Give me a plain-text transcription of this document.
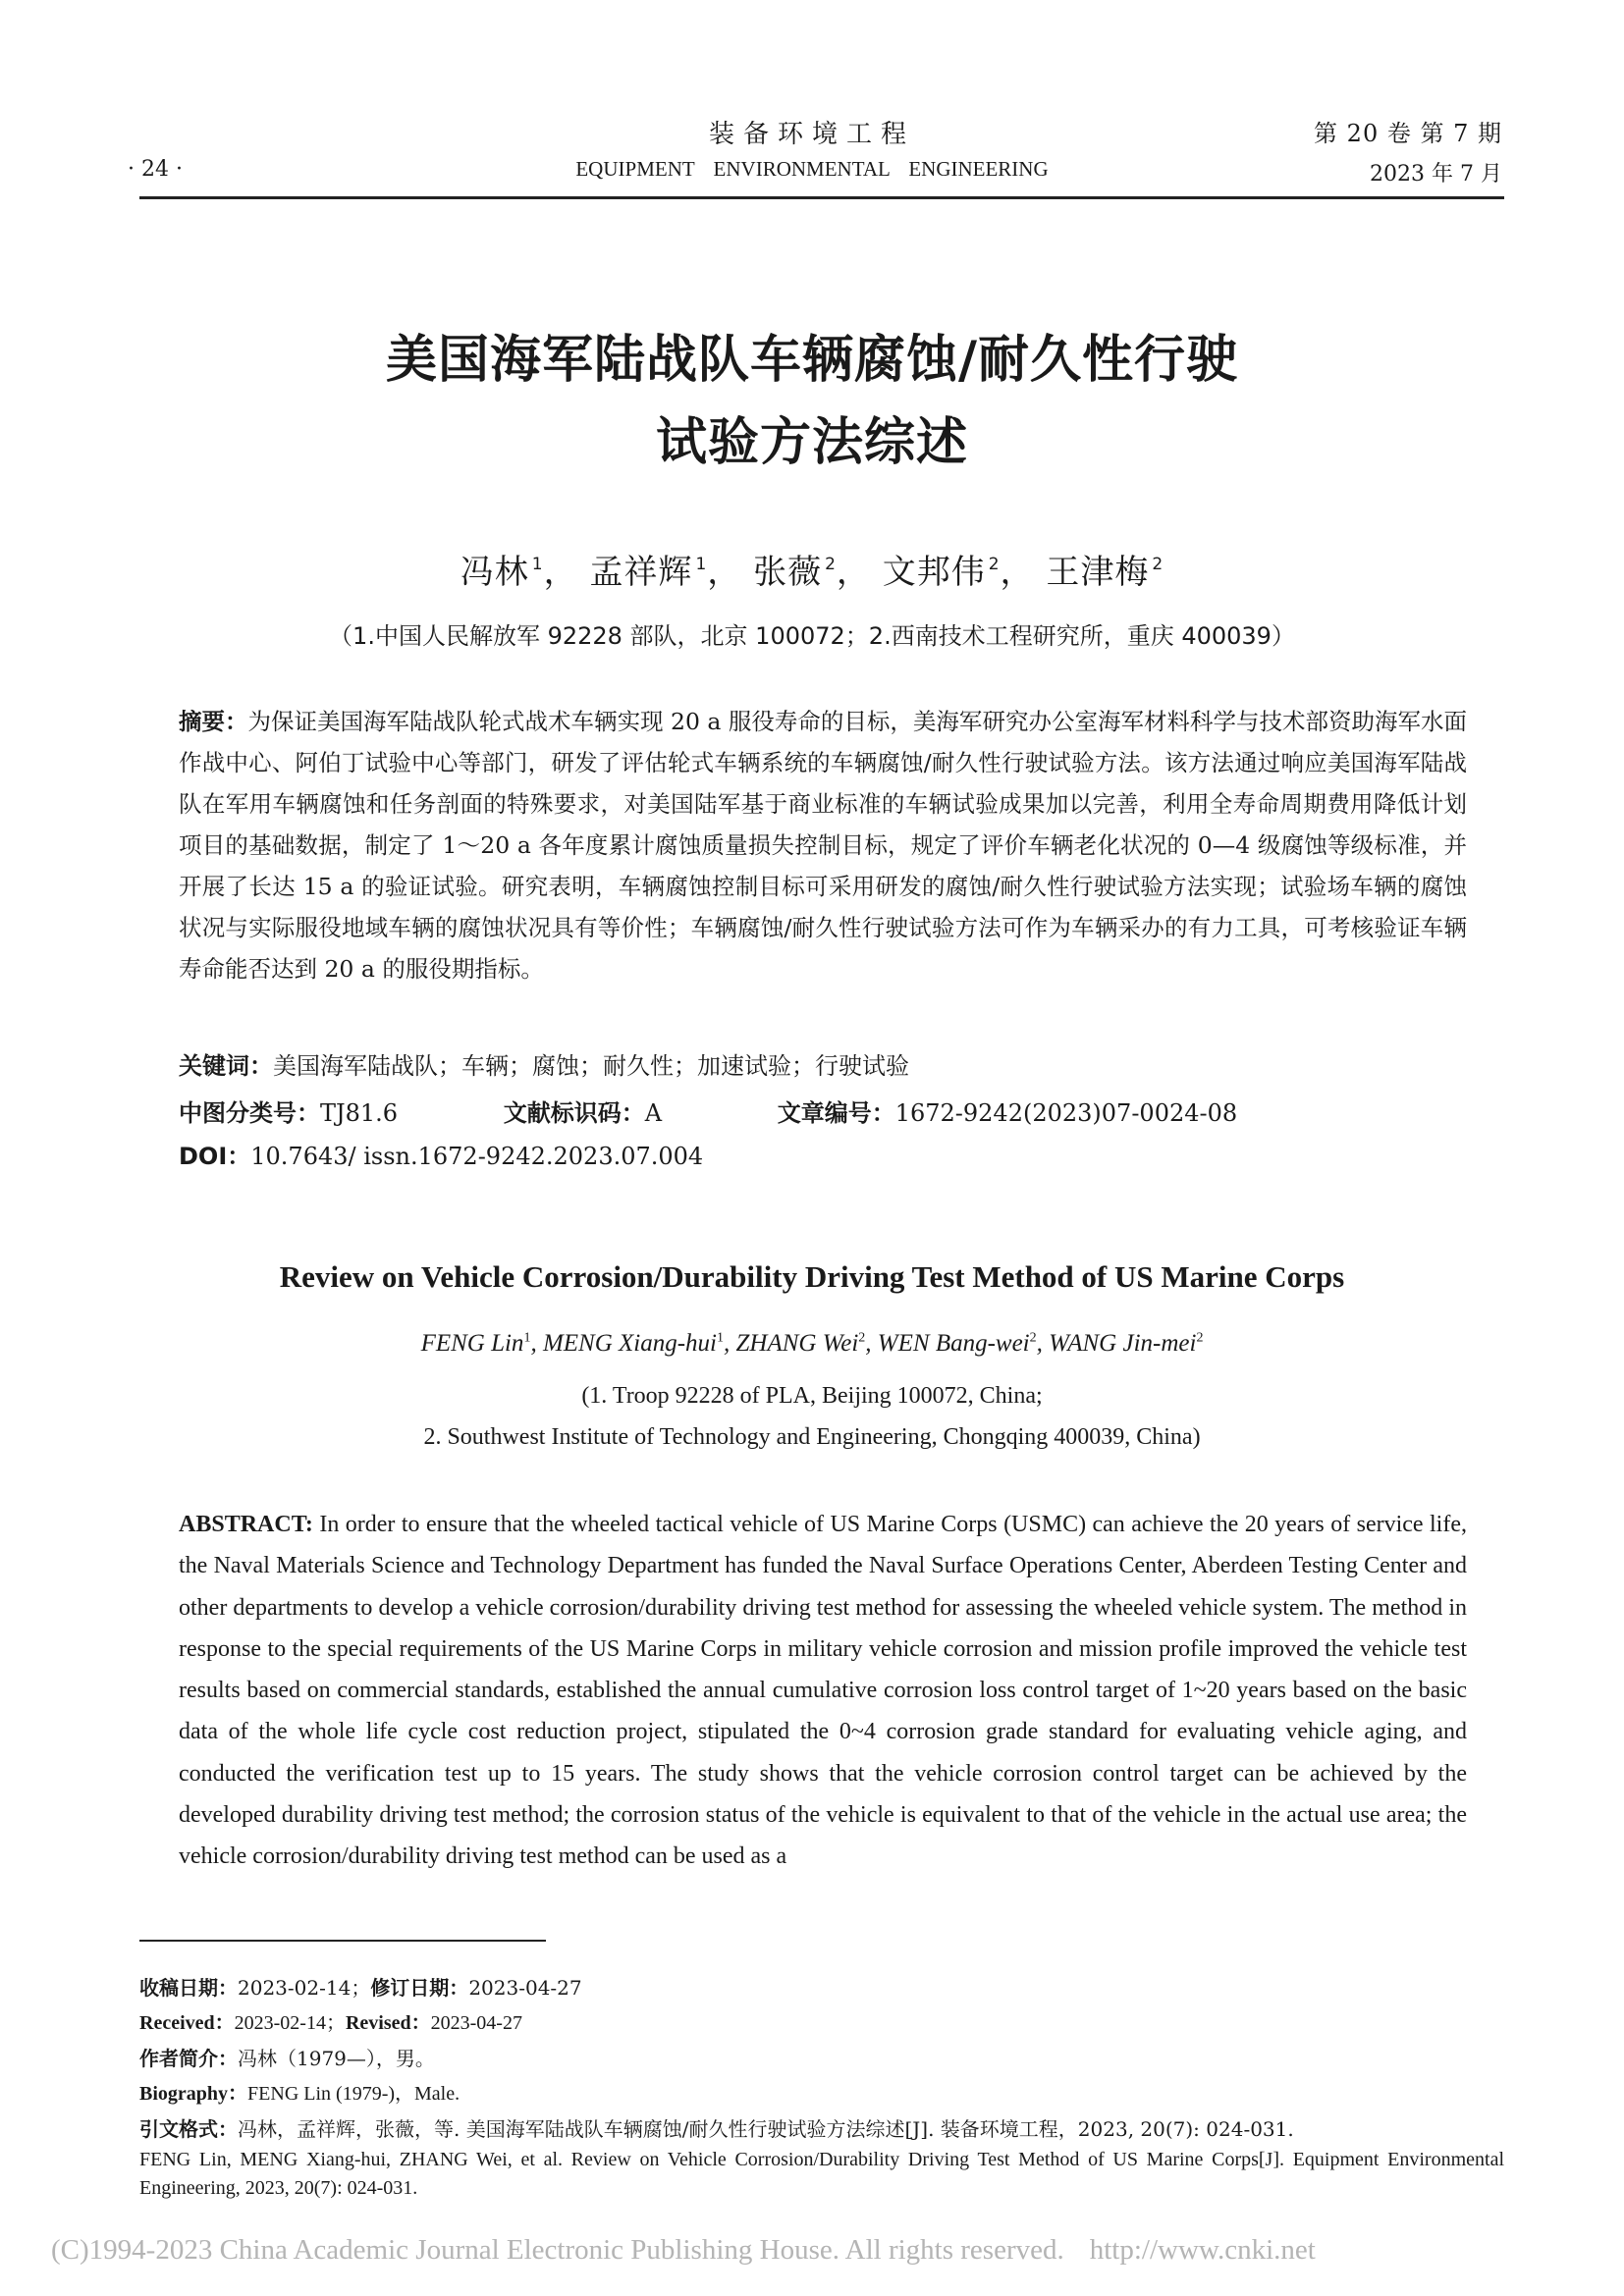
装备环境工程	第 20 卷 第 7 期
· 24 ·	EQUIPMENT ENVIRONMENTAL ENGINEERING	2023 年 7 月
美国海军陆战队车辆腐蚀/耐久性行驶
试验方法综述
冯林 $^1$， 孟祥辉 $^1$， 张薇 $^2$， 文邦伟 $^2$， 王津梅 $^2$
（1.中国人民解放军 92228 部队，北京 100072；2.西南技术工程研究所，重庆 400039）
摘要：为保证美国海军陆战队轮式战术车辆实现 20 a 服役寿命的目标，美海军研究办公室海军材料科学与技术部资助海军水面作战中心、阿伯丁试验中心等部门，研发了评估轮式车辆系统的车辆腐蚀/耐久性行驶试验方法。该方法通过响应美国海军陆战队在军用车辆腐蚀和任务剖面的特殊要求，对美国陆军基于商业标准的车辆试验成果加以完善，利用全寿命周期费用降低计划项目的基础数据，制定了 1～20 a 各年度累计腐蚀质量损失控制目标，规定了评价车辆老化状况的 0—4 级腐蚀等级标准，并开展了长达 15 a 的验证试验。研究表明，车辆腐蚀控制目标可采用研发的腐蚀/耐久性行驶试验方法实现；试验场车辆的腐蚀状况与实际服役地域车辆的腐蚀状况具有等价性；车辆腐蚀/耐久性行驶试验方法可作为车辆采办的有力工具，可考核验证车辆寿命能否达到 20 a 的服役期指标。
关键词：美国海军陆战队；车辆；腐蚀；耐久性；加速试验；行驶试验
中图分类号：TJ81.6	文献标识码：A	文章编号：1672-9242(2023)07-0024-08
DOI：10.7643/ issn.1672-9242.2023.07.004
Review on Vehicle Corrosion/Durability Driving Test Method of US Marine Corps
FENG Lin$^1$, MENG Xiang-hui$^1$, ZHANG Wei$^2$, WEN Bang-wei$^2$, WANG Jin-mei$^2$
(1. Troop 92228 of PLA, Beijing 100072, China;
2. Southwest Institute of Technology and Engineering, Chongqing 400039, China)
ABSTRACT: In order to ensure that the wheeled tactical vehicle of US Marine Corps (USMC) can achieve the 20 years of service life, the Naval Materials Science and Technology Department has funded the Naval Surface Operations Center, Aberdeen Testing Center and other departments to develop a vehicle corrosion/durability driving test method for assessing the wheeled vehicle system. The method in response to the special requirements of the US Marine Corps in military vehicle corrosion and mission profile improved the vehicle test results based on commercial standards, established the annual cumulative corrosion loss control target of 1~20 years based on the basic data of the whole life cycle cost reduction project, stipulated the 0~4 corrosion grade standard for evaluating vehicle aging, and conducted the verification test up to 15 years. The study shows that the vehicle corrosion control target can be achieved by the developed durability driving test method; the corrosion status of the vehicle is equivalent to that of the vehicle in the actual use area; the vehicle corrosion/durability driving test method can be used as a
收稿日期：2023-02-14；修订日期：2023-04-27
Received：2023-02-14；Revised：2023-04-27
作者简介：冯林（1979—），男。
Biography：FENG Lin (1979-)，Male.
引文格式：冯林，孟祥辉，张薇，等. 美国海军陆战队车辆腐蚀/耐久性行驶试验方法综述[J]. 装备环境工程，2023, 20(7): 024-031.
FENG Lin, MENG Xiang-hui, ZHANG Wei, et al. Review on Vehicle Corrosion/Durability Driving Test Method of US Marine Corps[J]. Equipment Environmental Engineering, 2023, 20(7): 024-031.
(C)1994-2023 China Academic Journal Electronic Publishing House. All rights reserved. http://www.cnki.net
